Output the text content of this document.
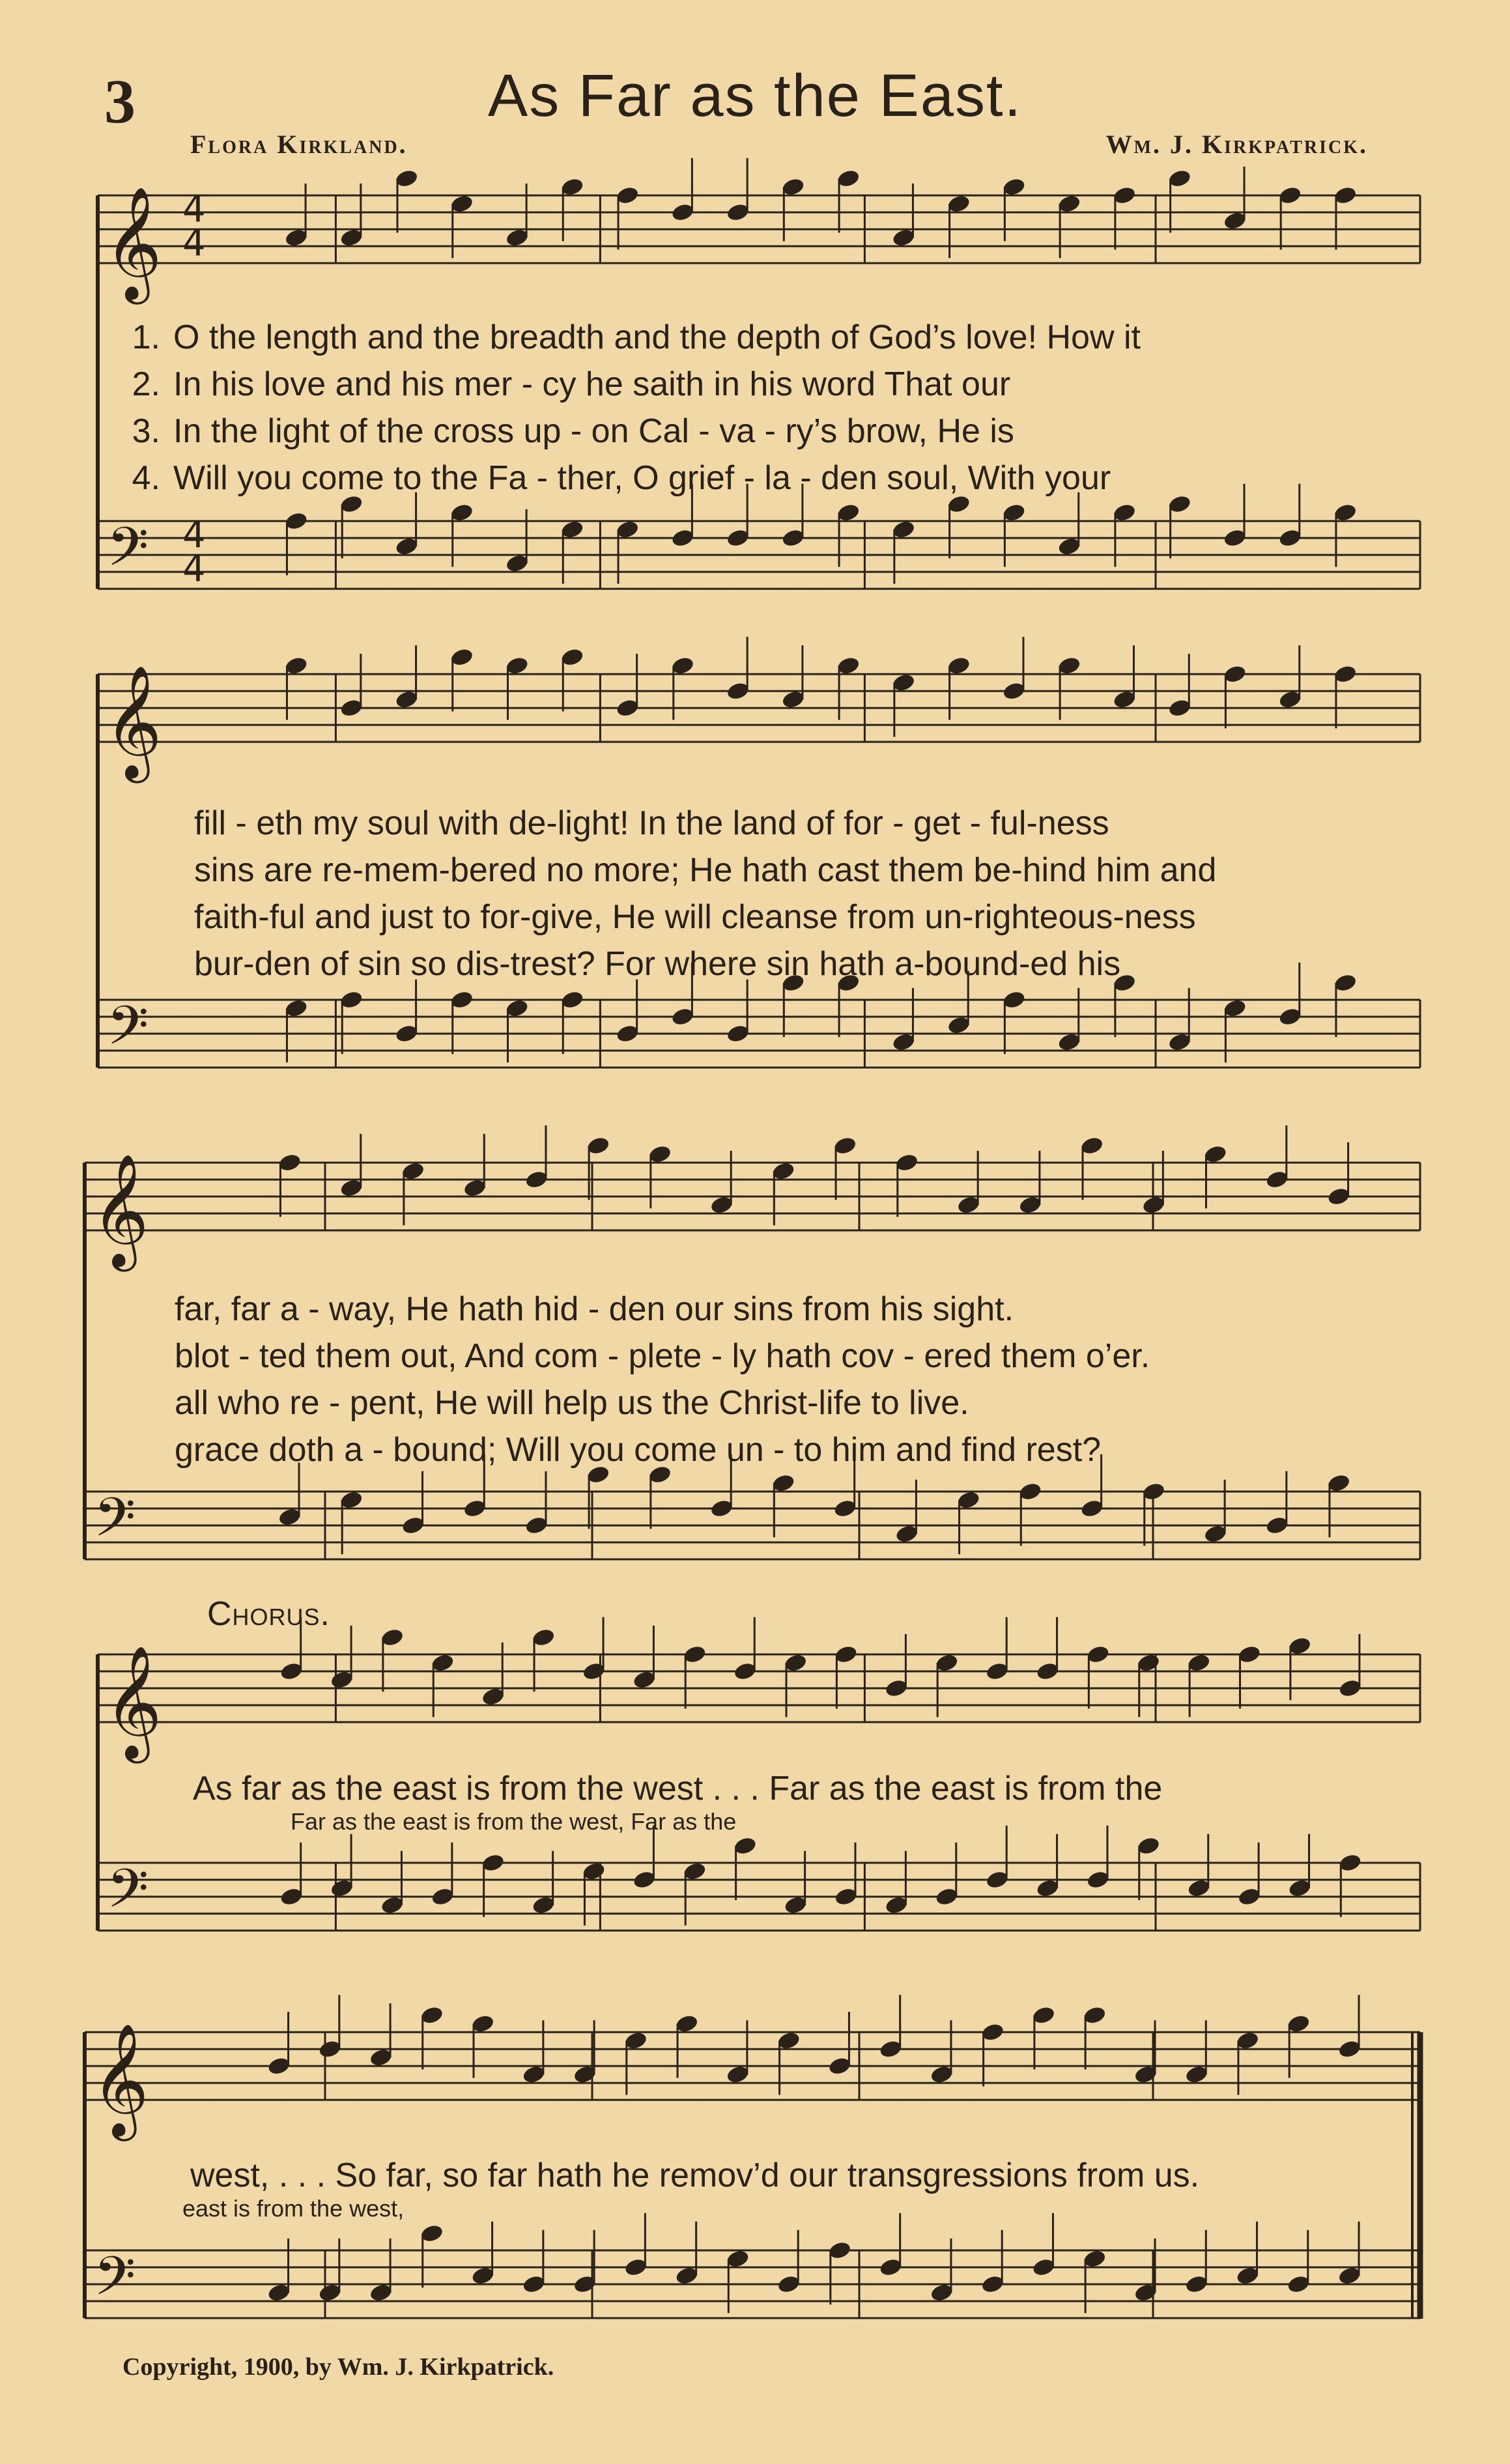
3	As Far as the East.
Flora Kirkland.	Wm. J. Kirkpatrick.
𝄞
𝄢
𝄞
𝄢
𝄞
𝄢
𝄞
𝄢
𝄞
𝄢
4
4
4
4
1. O the length and the breadth and the depth of God’s love! How it
2. In his love and his mer - cy he saith in his word That our
3. In the light of the cross up - on Cal - va - ry’s brow, He is
4. Will you come to the Fa - ther, O grief - la - den soul, With your
fill - eth my soul with de-light! In the land of for - get - ful-ness
sins are re-mem-bered no more; He hath cast them be-hind him and
faith-ful and just to for-give, He will cleanse from un-righteous-ness
bur-den of sin so dis-trest? For where sin hath a-bound-ed his
far, far a - way, He hath hid - den our sins from his sight.
blot - ted them out, And com - plete - ly hath cov - ered them o’er.
all who re - pent, He will help us the Christ-life to live.
grace doth a - bound; Will you come un - to him and find rest?
Chorus.
As far as the east is from the west . . . Far as the east is from the
Far as the east is from the west, Far as the
west, . . . So far, so far hath he remov’d our transgressions from us.
east is from the west,
Copyright, 1900, by Wm. J. Kirkpatrick.
